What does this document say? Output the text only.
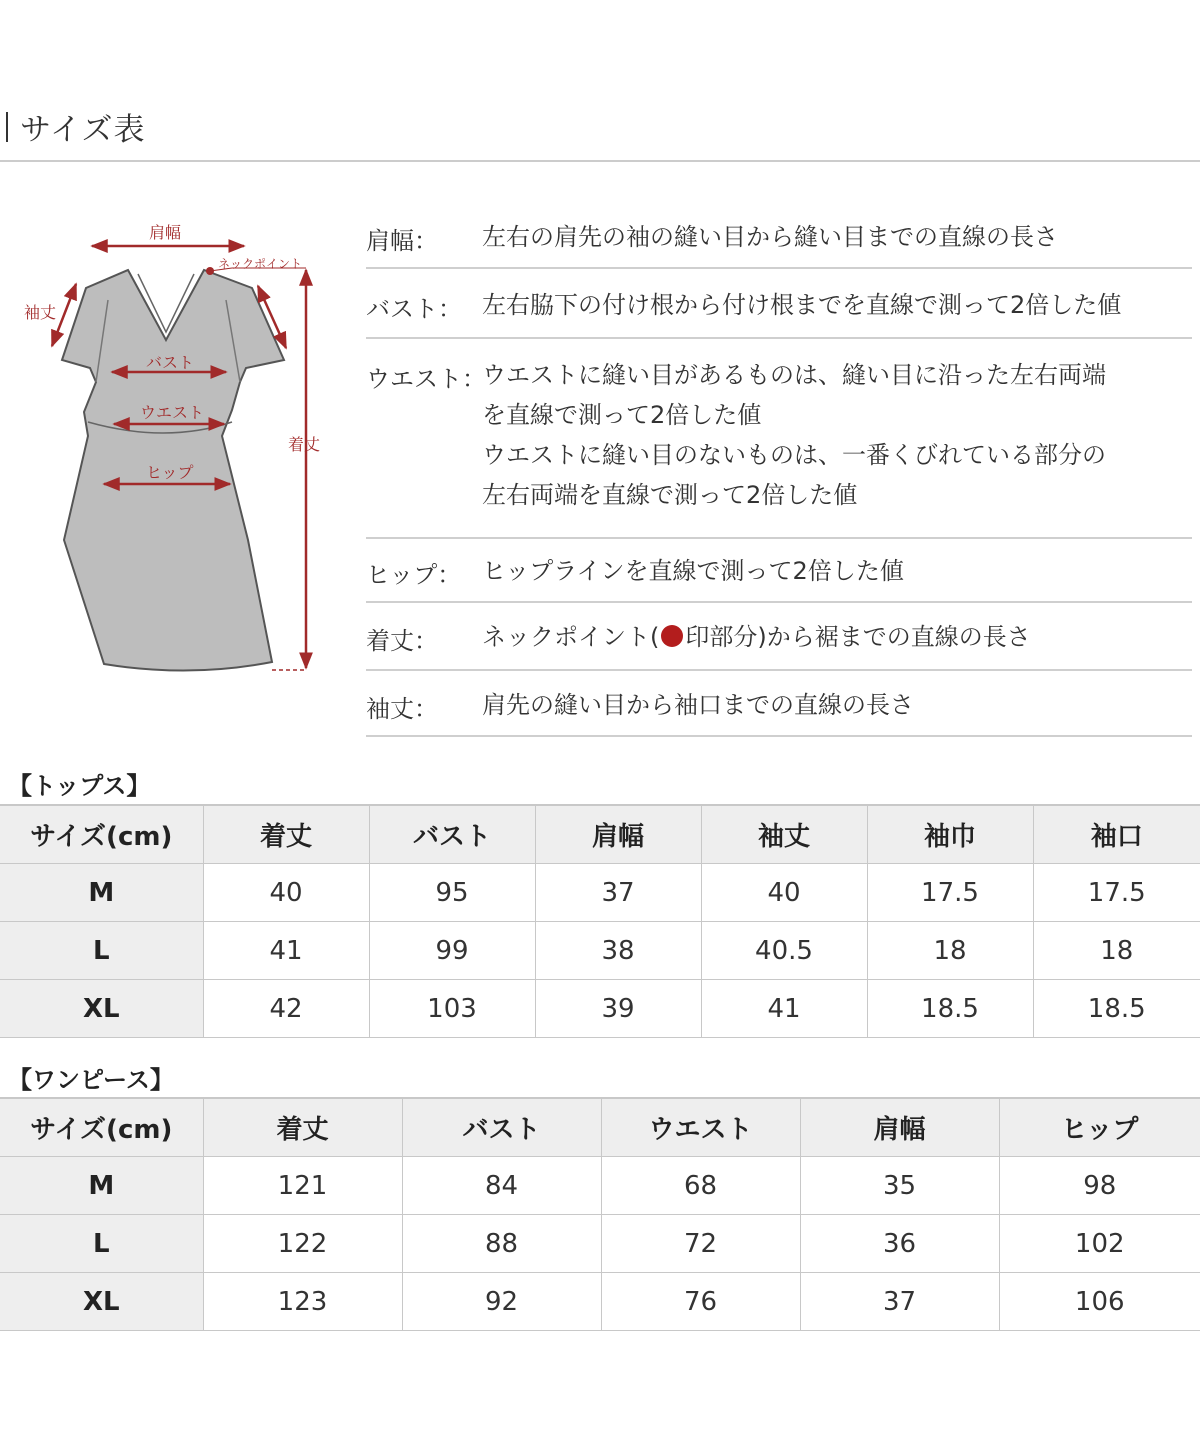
サイズ表
肩幅
ネックポイント
袖丈
バスト
ウエスト
ヒップ
着丈
肩幅： 左右の肩先の袖の縫い目から縫い目までの直線の長さ
バスト： 左右脇下の付け根から付け根までを直線で測って2倍した値
ウエスト：
ウエストに縫い目があるものは、縫い目に沿った左右両端
を直線で測って2倍した値
ウエストに縫い目のないものは、一番くびれている部分の
左右両端を直線で測って2倍した値
ヒップ： ヒップラインを直線で測って2倍した値
着丈： ネックポイント( 印部分)から裾までの直線の長さ
袖丈： 肩先の縫い目から袖口までの直線の長さ
【トップス】
サイズ(cm)	着丈	バスト	肩幅	袖丈	袖巾	袖口
M	40	95	37	40	17.5	17.5
L	41	99	38	40.5	18	18
XL	42	103	39	41	18.5	18.5
【ワンピース】
サイズ(cm)	着丈	バスト	ウエスト	肩幅	ヒップ
M	121	84	68	35	98
L	122	88	72	36	102
XL	123	92	76	37	106
